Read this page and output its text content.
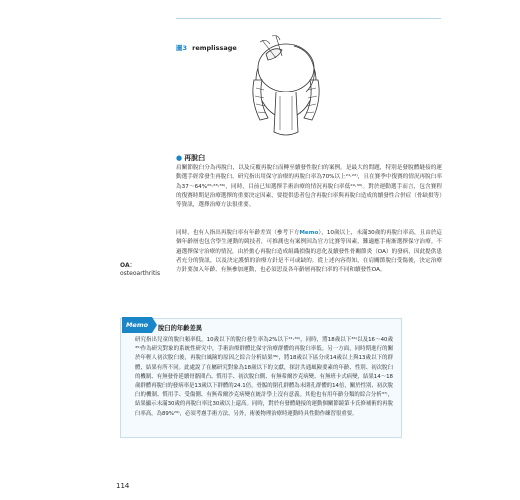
圖3 remplissage
● 再脫臼
肩關節脫臼分為再脫臼，以及反覆再脫臼而轉至續發性脫臼的案例。是最大的問題，特別是發脫體縫接的運動選手經常發生再脫臼。研究指出用保守治療的再脫臼率為70%以上²¹˒²²⁾，且在賽季中復賽的情況再脫臼率為37～64%²⁶˒²⁸˒³⁶⁾，同時，目前已知選擇手術治療的情況再脫臼率低²⁹˒³⁰⁾。對於運動選手而言，包含賽程的復賽時期是治療選擇的重要決定因素，要提供患者包含再脫臼率與再脫臼造成的續發性合併症（骨缺損等）等資訊，選擇治療方法很重要。
同時，也有人指出再脫臼率有年齡差異（參考下方Memo），10歲以上，未滿30歲的再脫臼率高，且由於這個年齡層也包含學生運動的競技者，可推測也有案例因為官方比賽等因素，難適應手術渐選擇保守治療。不過選擇保守治療的情況，由於擔心再脫臼造成組織損傷的惡化及續發性骨關節炎（OA）的發病，因此提供患者充分的資訊，以及決定護慎的治療方針是不可或缺的。從上述內容得知，在肩關節脫臼受傷後，決定治療方針要加入年齡、有無參加運動，也必須思及各年齡層再脫臼率的不同和續發性OA。
OA：
osteoarthritis
Memo	脫臼的年齡差異
研究指出兒童的脫臼頻率低，10歲以下的脫臼發生率為2%以下²¹˒³⁴⁾，同時，將18歲以下³⁴⁾以及16～40歲³⁵⁾作為研究對象的系統性研究中，手術治療群體比保守治療群體的再脫臼率低。另一方面，同時期進行的關於年輕人初次脫臼後，再脫臼風險的原因之綜合分析結果³⁶⁾，將18歲以下區分成14歲以上與13歲以下的群體，結果有所不同。此處說了在屬研究對象為18歲以下的文獻，探討共通風險要素的年齡、性別、初次脫臼的機制、有無發骨延續骨骼間凸、慣用手、初次脫臼側、有無希爾沙克病變、有無班卡式病變，結果14～18歲群體再脫臼的發病率是13歲以下群體的24.1倍，骨骺的閉孔群體為未閉孔群體的14倍，關於性別、初次脫臼的機制、慣用手、受傷側、有無希爾沙克病變在統計學上沒有意義。其他也有用年齡分類的綜合分析³⁷⁾，結果顯示未滿30歲的再脫臼率比30歲以上還高。同時，對於有發體縫接的運動個關節鏡第卡氏修補術的再脫臼率高，為89%²⁶⁾，必須考慮手術方法，另外，術後物理治療時運動時具性動作練習很重要。
114
